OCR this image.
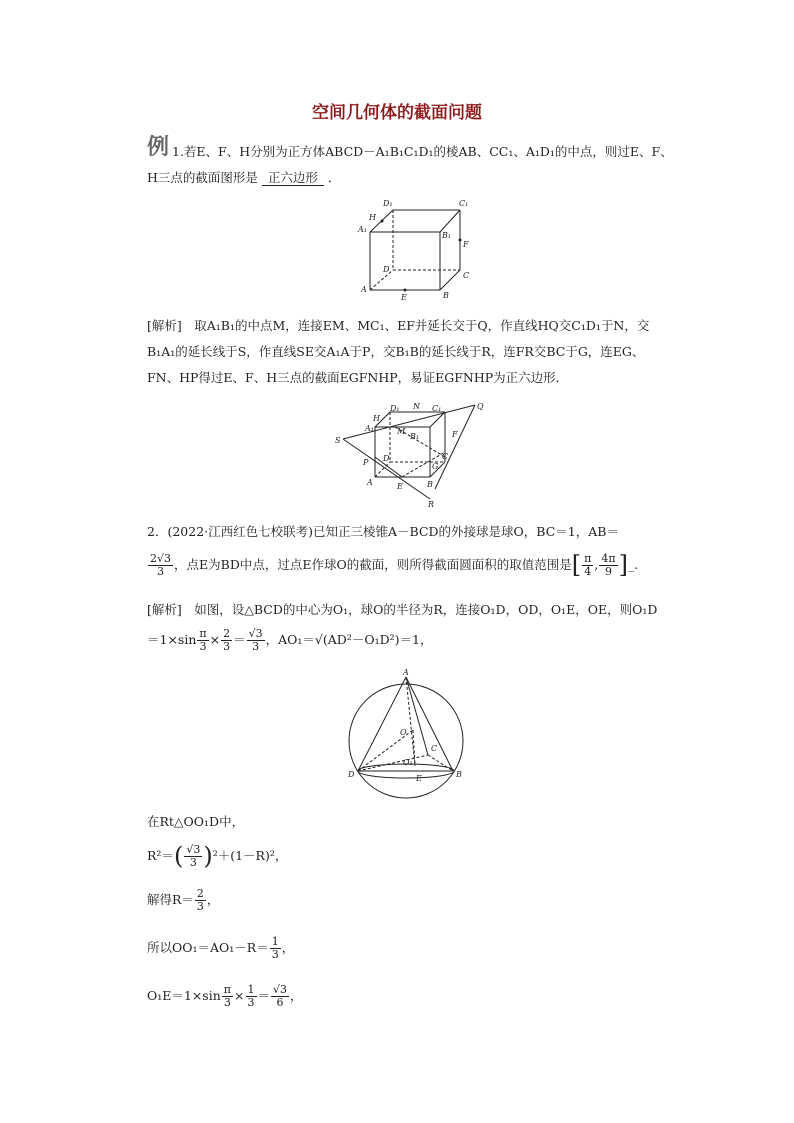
空间几何体的截面问题
例 1.若E、F、H分别为正方体ABCD－A₁B₁C₁D₁的棱AB、CC₁、A₁D₁的中点，则过E、F、
H三点的截面图形是 正六边形 ．
D₁	C₁
H
A₁
B₁
F
D
C
A
E	B
[解析]　取A₁B₁的中点M，连接EM、MC₁、EF并延长交于Q，作直线HQ交C₁D₁于N，交
B₁A₁的延长线于S，作直线SE交A₁A于P，交B₁B的延长线于R，连FR交BC于G，连EG、
FN、HP得过E、F、H三点的截面EGFNHP，易证EGFNHP为正六边形．
Q
N
D₁	C₁
H
M
A₁
B₁
S
F
P D	C
G
A	E	B
R
2．(2022·江西红色七校联考)已知正三棱锥A－BCD的外接球是球O，BC＝1，AB＝
$\frac{2√3}{3}$ ，点E为BD中点，过点E作球O的截面，则所得截面圆面积的取值范围是 [ $\frac{\pi}{4}$ , $\frac{4\pi}{9}$ ] _.
[解析]　如图，设△BCD的中心为O₁，球O的半径为R，连接O₁D，OD，O₁E，OE，则O₁D
$=1\times\sin \frac{\pi}{3} \times \frac{2}{3} = \frac{√3}{3}$ ，AO₁＝√(AD²－O₁D²)＝1，
A
O
C
O₁
D	E	B
在Rt△OO₁D中，
R²＝ ( $\frac{√3}{3}$ ) ²＋(1－R)²，
解得$R= \frac{2}{3}$ ，
所以$OO_1=AO_1-R= \frac{1}{3}$ ，
$O_1E=1\times\sin \frac{\pi}{3} \times \frac{1}{3} = \frac{√3}{6}$ ，
